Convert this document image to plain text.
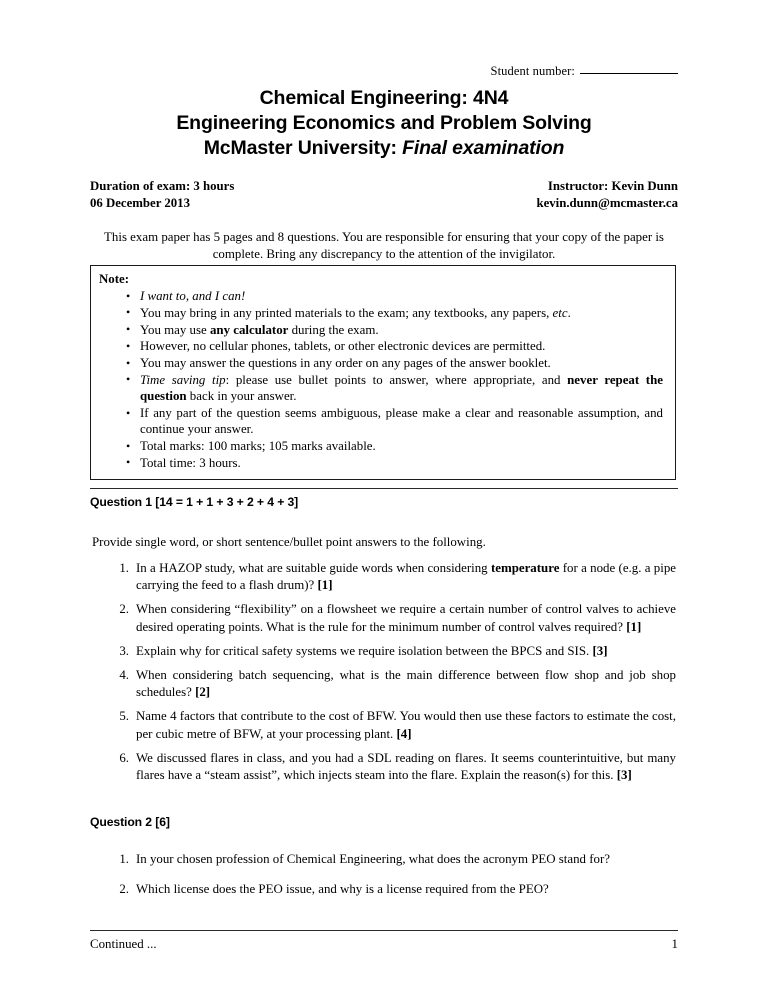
Student number:
Chemical Engineering: 4N4
Engineering Economics and Problem Solving
McMaster University: Final examination
Duration of exam: 3 hours	Instructor: Kevin Dunn
06 December 2013	kevin.dunn@mcmaster.ca
This exam paper has 5 pages and 8 questions. You are responsible for ensuring that your copy of the paper is complete. Bring any discrepancy to the attention of the invigilator.
Note:
• I want to, and I can!
• You may bring in any printed materials to the exam; any textbooks, any papers, etc.
• You may use any calculator during the exam.
• However, no cellular phones, tablets, or other electronic devices are permitted.
• You may answer the questions in any order on any pages of the answer booklet.
• Time saving tip: please use bullet points to answer, where appropriate, and never repeat the question back in your answer.
• If any part of the question seems ambiguous, please make a clear and reasonable assumption, and continue your answer.
• Total marks: 100 marks; 105 marks available.
• Total time: 3 hours.
Question 1 [14 = 1 + 1 + 3 + 2 + 4 + 3]
Provide single word, or short sentence/bullet point answers to the following.
1. In a HAZOP study, what are suitable guide words when considering temperature for a node (e.g. a pipe carrying the feed to a flash drum)? [1]
2. When considering “flexibility” on a flowsheet we require a certain number of control valves to achieve desired operating points. What is the rule for the minimum number of control valves required? [1]
3. Explain why for critical safety systems we require isolation between the BPCS and SIS. [3]
4. When considering batch sequencing, what is the main difference between flow shop and job shop schedules? [2]
5. Name 4 factors that contribute to the cost of BFW. You would then use these factors to estimate the cost, per cubic metre of BFW, at your processing plant. [4]
6. We discussed flares in class, and you had a SDL reading on flares. It seems counterintuitive, but many flares have a “steam assist”, which injects steam into the flare. Explain the reason(s) for this. [3]
Question 2 [6]
1. In your chosen profession of Chemical Engineering, what does the acronym PEO stand for?
2. Which license does the PEO issue, and why is a license required from the PEO?
Continued ...	1
